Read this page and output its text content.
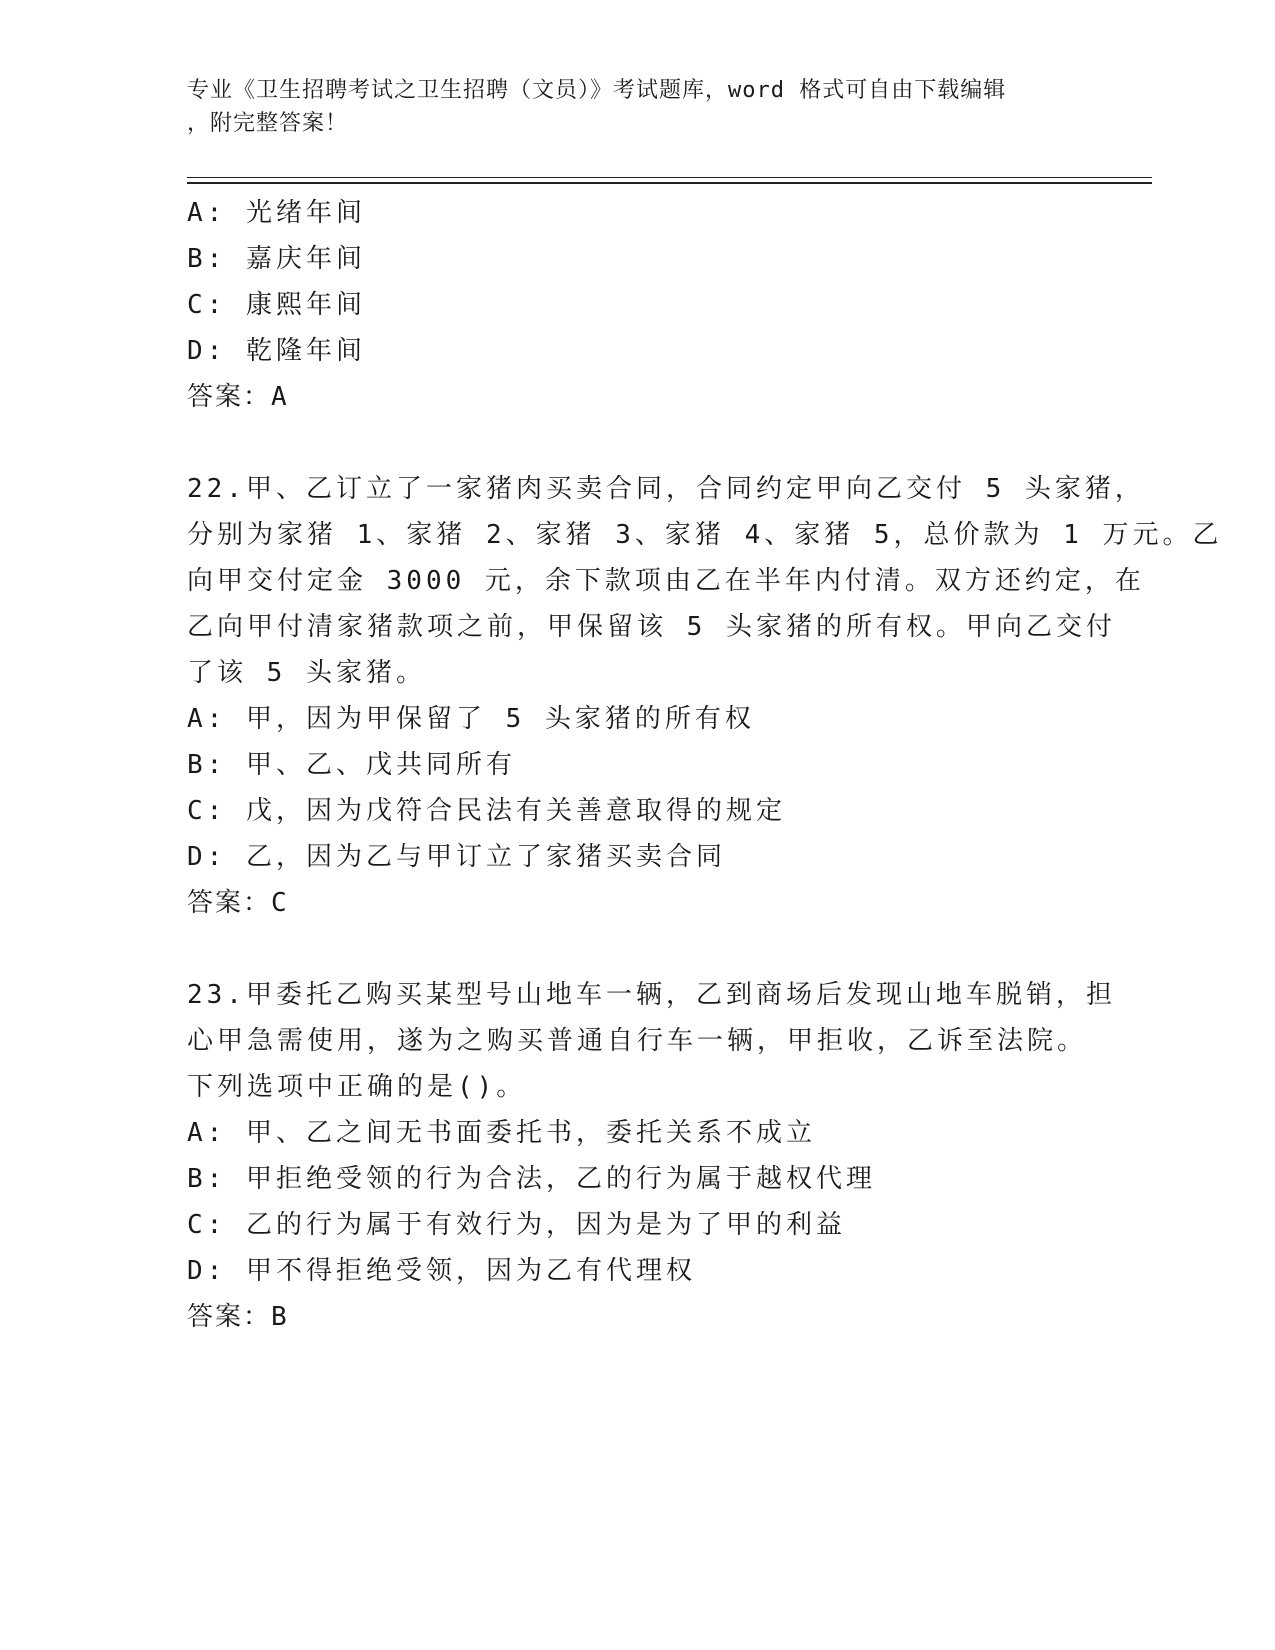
专业《卫生招聘考试之卫生招聘（文员）》考试题库，word 格式可自由下载编辑
，附完整答案！
A: 光绪年间
B: 嘉庆年间
C: 康熙年间
D: 乾隆年间
答案：A
22.甲、乙订立了一家猪肉买卖合同，合同约定甲向乙交付 5 头家猪，
分别为家猪 1、家猪 2、家猪 3、家猪 4、家猪 5，总价款为 1 万元。乙
向甲交付定金 3000 元，余下款项由乙在半年内付清。双方还约定，在
乙向甲付清家猪款项之前，甲保留该 5 头家猪的所有权。甲向乙交付
了该 5 头家猪。
A: 甲，因为甲保留了 5 头家猪的所有权
B: 甲、乙、戊共同所有
C: 戊，因为戊符合民法有关善意取得的规定
D: 乙，因为乙与甲订立了家猪买卖合同
答案：C
23.甲委托乙购买某型号山地车一辆，乙到商场后发现山地车脱销，担
心甲急需使用，遂为之购买普通自行车一辆，甲拒收，乙诉至法院。
下列选项中正确的是()。
A: 甲、乙之间无书面委托书，委托关系不成立
B: 甲拒绝受领的行为合法，乙的行为属于越权代理
C: 乙的行为属于有效行为，因为是为了甲的利益
D: 甲不得拒绝受领，因为乙有代理权
答案：B
